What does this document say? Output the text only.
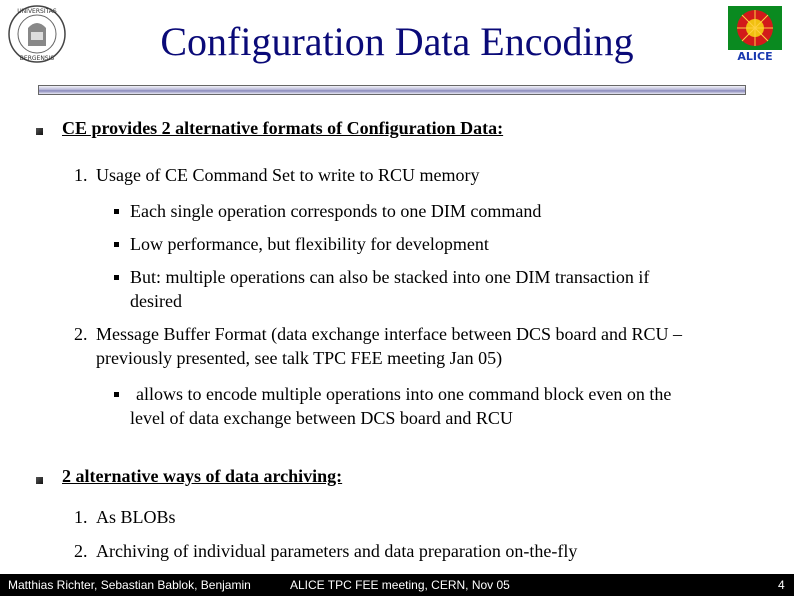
UNIVERSITAS
BERGENSIS	ALICE
Configuration Data Encoding
CE provides 2 alternative formats of Configuration Data:
1. Usage of CE Command Set to write to RCU memory
Each single operation corresponds to one DIM command
Low performance, but flexibility for development
But: multiple operations can also be stacked into one DIM transaction if
desired
2. Message Buffer Format (data exchange interface between DCS board and RCU –
previously presented, see talk TPC FEE meeting Jan 05)
allows to encode multiple operations into one command block even on the
level of data exchange between DCS board and RCU
2 alternative ways of data archiving:
1. As BLOBs
2. Archiving of individual parameters and data preparation on-the-fly
Matthias Richter, Sebastian Bablok, Benjamin	ALICE TPC FEE meeting, CERN, Nov 05	4
